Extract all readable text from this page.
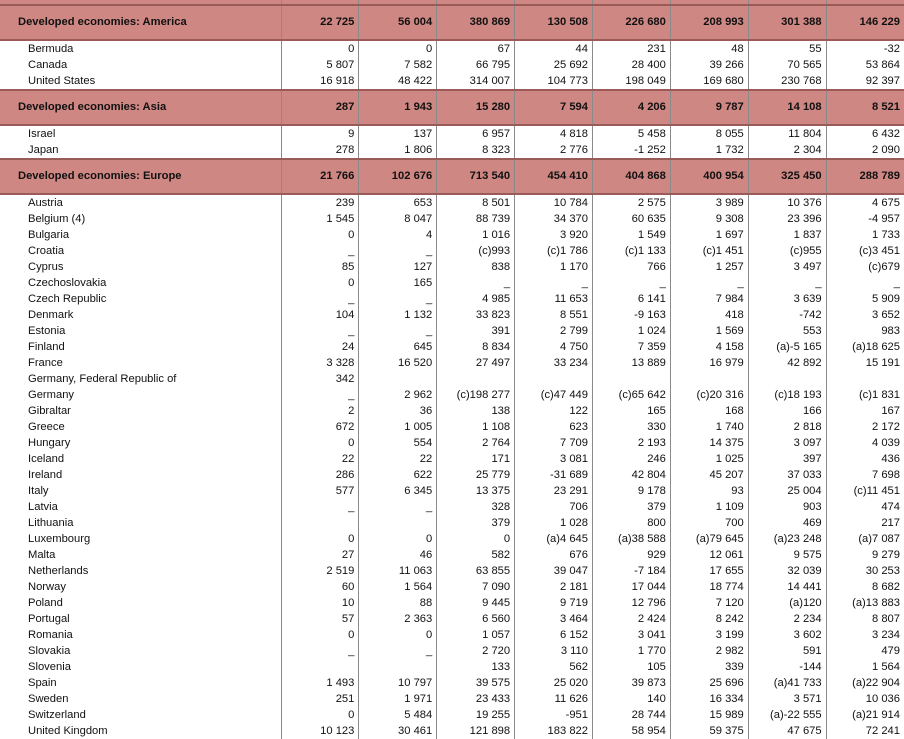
Developed economies: America	22 725	56 004	380 869	130 508	226 680	208 993	301 388	146 229
Bermuda	0	0	67	44	231	48	55	-32
Canada	5 807	7 582	66 795	25 692	28 400	39 266	70 565	53 864
United States	16 918	48 422	314 007	104 773	198 049	169 680	230 768	92 397
Developed economies: Asia	287	1 943	15 280	7 594	4 206	9 787	14 108	8 521
Israel	9	137	6 957	4 818	5 458	8 055	11 804	6 432
Japan	278	1 806	8 323	2 776	-1 252	1 732	2 304	2 090
Developed economies: Europe	21 766	102 676	713 540	454 410	404 868	400 954	325 450	288 789
Austria	239	653	8 501	10 784	2 575	3 989	10 376	4 675
Belgium (4)	1 545	8 047	88 739	34 370	60 635	9 308	23 396	-4 957
Bulgaria	0	4	1 016	3 920	1 549	1 697	1 837	1 733
Croatia	_	_	(c)993	(c)1 786	(c)1 133	(c)1 451	(c)955	(c)3 451
Cyprus	85	127	838	1 170	766	1 257	3 497	(c)679
Czechoslovakia	0	165	_	_	_	_	_	_
Czech Republic	_	_	4 985	11 653	6 141	7 984	3 639	5 909
Denmark	104	1 132	33 823	8 551	-9 163	418	-742	3 652
Estonia	_	_	391	2 799	1 024	1 569	553	983
Finland	24	645	8 834	4 750	7 359	4 158	(a)-5 165	(a)18 625
France	3 328	16 520	27 497	33 234	13 889	16 979	42 892	15 191
Germany, Federal Republic of	342							
Germany	_	2 962	(c)198 277	(c)47 449	(c)65 642	(c)20 316	(c)18 193	(c)1 831
Gibraltar	2	36	138	122	165	168	166	167
Greece	672	1 005	1 108	623	330	1 740	2 818	2 172
Hungary	0	554	2 764	7 709	2 193	14 375	3 097	4 039
Iceland	22	22	171	3 081	246	1 025	397	436
Ireland	286	622	25 779	-31 689	42 804	45 207	37 033	7 698
Italy	577	6 345	13 375	23 291	9 178	93	25 004	(c)11 451
Latvia	_	_	328	706	379	1 109	903	474
Lithuania			379	1 028	800	700	469	217
Luxembourg	0	0	0	(a)4 645	(a)38 588	(a)79 645	(a)23 248	(a)7 087
Malta	27	46	582	676	929	12 061	9 575	9 279
Netherlands	2 519	11 063	63 855	39 047	-7 184	17 655	32 039	30 253
Norway	60	1 564	7 090	2 181	17 044	18 774	14 441	8 682
Poland	10	88	9 445	9 719	12 796	7 120	(a)120	(a)13 883
Portugal	57	2 363	6 560	3 464	2 424	8 242	2 234	8 807
Romania	0	0	1 057	6 152	3 041	3 199	3 602	3 234
Slovakia	_	_	2 720	3 110	1 770	2 982	591	479
Slovenia			133	562	105	339	-144	1 564
Spain	1 493	10 797	39 575	25 020	39 873	25 696	(a)41 733	(a)22 904
Sweden	251	1 971	23 433	11 626	140	16 334	3 571	10 036
Switzerland	0	5 484	19 255	-951	28 744	15 989	(a)-22 555	(a)21 914
United Kingdom	10 123	30 461	121 898	183 822	58 954	59 375	47 675	72 241
